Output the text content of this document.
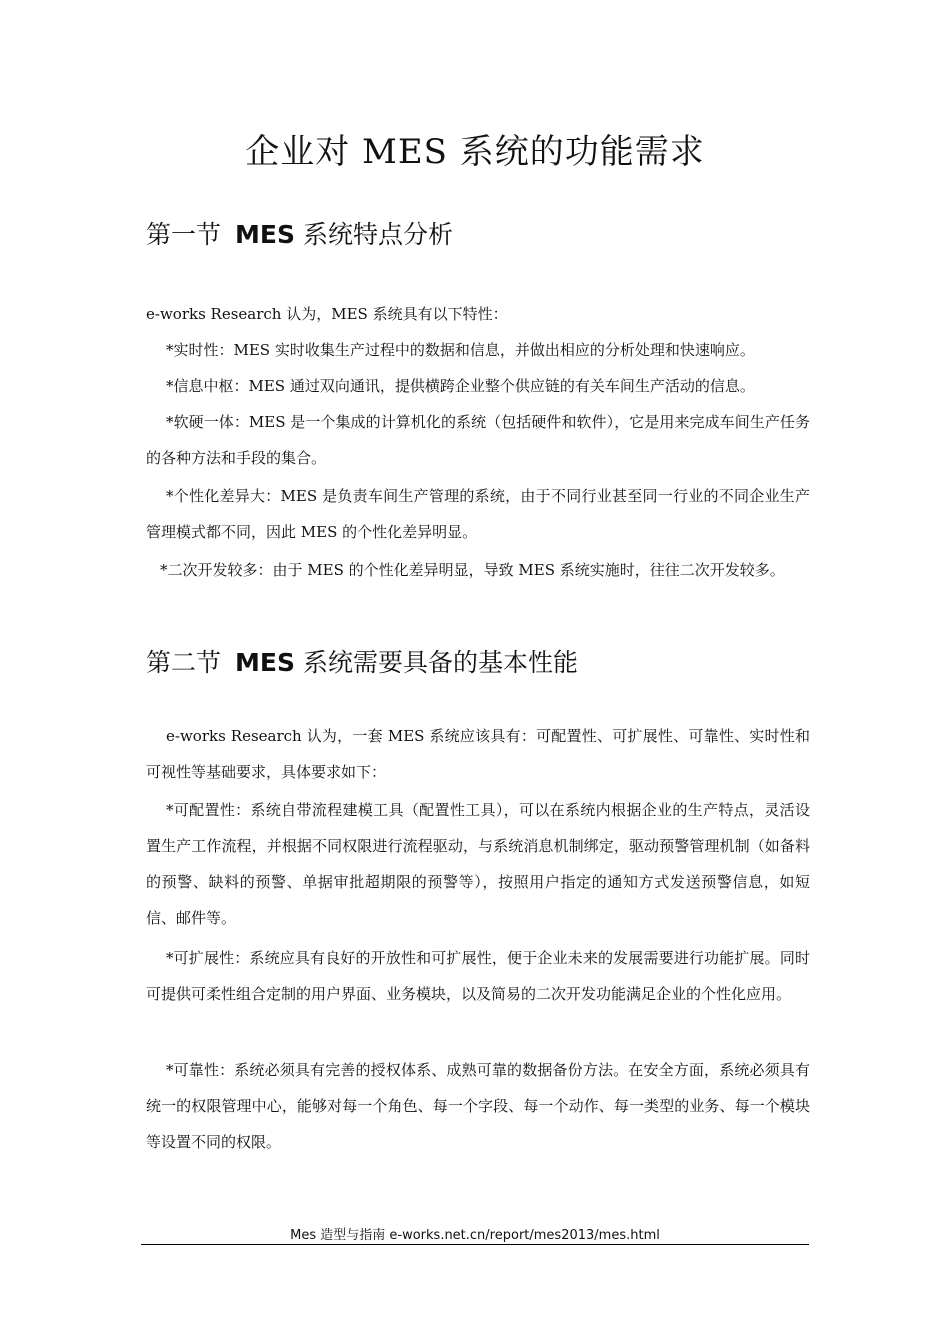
企业对 MES 系统的功能需求
第一节 MES 系统特点分析

e-works Research 认为，MES 系统具有以下特性：

*实时性：MES 实时收集生产过程中的数据和信息，并做出相应的分析处理和快速响应。

*信息中枢：MES 通过双向通讯，提供横跨企业整个供应链的有关车间生产活动的信息。

*软硬一体：MES 是一个集成的计算机化的系统（包括硬件和软件），它是用来完成车间生产任务的各种方法和手段的集合。

*个性化差异大：MES 是负责车间生产管理的系统，由于不同行业甚至同一行业的不同企业生产管理模式都不同，因此 MES 的个性化差异明显。

*二次开发较多：由于 MES 的个性化差异明显，导致 MES 系统实施时，往往二次开发较多。

第二节 MES 系统需要具备的基本性能

e-works Research 认为，一套 MES 系统应该具有：可配置性、可扩展性、可靠性、实时性和可视性等基础要求，具体要求如下：

*可配置性：系统自带流程建模工具（配置性工具），可以在系统内根据企业的生产特点，灵活设置生产工作流程，并根据不同权限进行流程驱动，与系统消息机制绑定，驱动预警管理机制（如备料的预警、缺料的预警、单据审批超期限的预警等），按照用户指定的通知方式发送预警信息，如短信、邮件等。

*可扩展性：系统应具有良好的开放性和可扩展性，便于企业未来的发展需要进行功能扩展。同时可提供可柔性组合定制的用户界面、业务模块，以及简易的二次开发功能满足企业的个性化应用。

*可靠性：系统必须具有完善的授权体系、成熟可靠的数据备份方法。在安全方面，系统必须具有统一的权限管理中心，能够对每一个角色、每一个字段、每一个动作、每一类型的业务、每一个模块等设置不同的权限。

Mes 造型与指南 e-works.net.cn/report/mes2013/mes.html
